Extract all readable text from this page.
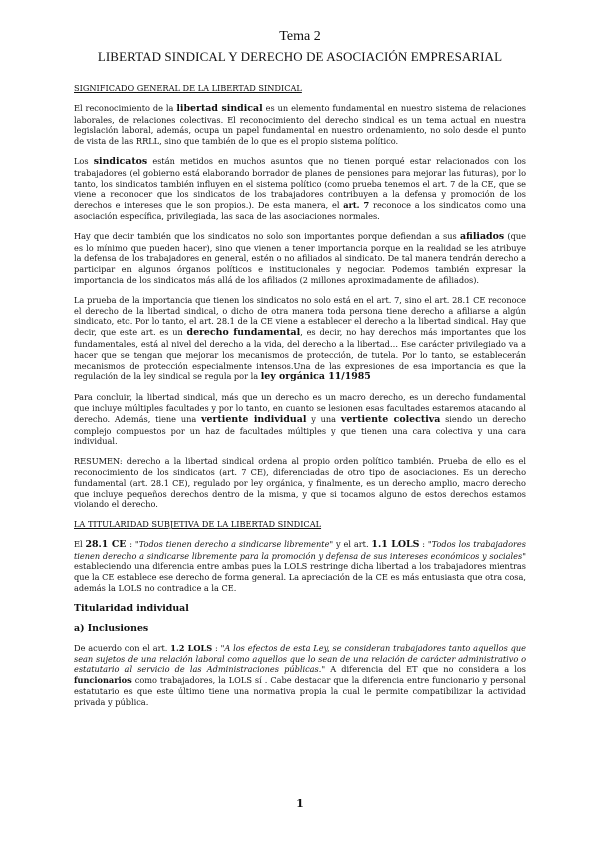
Tema 2
LIBERTAD SINDICAL Y DERECHO DE ASOCIACIÓN EMPRESARIAL

SIGNIFICADO GENERAL DE LA LIBERTAD SINDICAL

El reconocimiento de la libertad sindical es un elemento fundamental en nuestro sistema de relaciones laborales, de relaciones colectivas. El reconocimiento del derecho sindical es un tema actual en nuestra legislación laboral, además, ocupa un papel fundamental en nuestro ordenamiento, no solo desde el punto de vista de las RRLL, sino que también de lo que es el propio sistema político.

Los sindicatos están metidos en muchos asuntos que no tienen porqué estar relacionados con los trabajadores (el gobierno está elaborando borrador de planes de pensiones para mejorar las futuras), por lo tanto, los sindicatos también influyen en el sistema político (como prueba tenemos el art. 7 de la CE, que se viene a reconocer que los sindicatos de los trabajadores contribuyen a la defensa y promoción de los derechos e intereses que le son propios.). De esta manera, el art. 7 reconoce a los sindicatos como una asociación específica, privilegiada, las saca de las asociaciones normales.

Hay que decir también que los sindicatos no solo son importantes porque defiendan a sus afiliados (que es lo mínimo que pueden hacer), sino que vienen a tener importancia porque en la realidad se les atribuye la defensa de los trabajadores en general, estén o no afiliados al sindicato. De tal manera tendrán derecho a participar en algunos órganos políticos e institucionales y negociar. Podemos también expresar la importancia de los sindicatos más allá de los afiliados (2 millones aproximadamente de afiliados).

La prueba de la importancia que tienen los sindicatos no solo está en el art. 7, sino el art. 28.1 CE reconoce el derecho de la libertad sindical, o dicho de otra manera toda persona tiene derecho a afiliarse a algún sindicato, etc. Por lo tanto, el art. 28.1 de la CE viene a establecer el derecho a la libertad sindical. Hay que decir, que este art. es un derecho fundamental, es decir, no hay derechos más importantes que los fundamentales, está al nivel del derecho a la vida, del derecho a la libertad… Ese carácter privilegiado va a hacer que se tengan que mejorar los mecanismos de protección, de tutela. Por lo tanto, se establecerán mecanismos de protección especialmente intensos.Una de las expresiones de esa importancia es que la regulación de la ley sindical se regula por la ley orgánica 11/1985

Para concluir, la libertad sindical, más que un derecho es un macro derecho, es un derecho fundamental que incluye múltiples facultades y por lo tanto, en cuanto se lesionen esas facultades estaremos atacando al derecho. Además, tiene una vertiente individual y una vertiente colectiva siendo un derecho complejo compuestos por un haz de facultades múltiples y que tienen una cara colectiva y una cara individual.

RESUMEN: derecho a la libertad sindical ordena al propio orden político también. Prueba de ello es el reconocimiento de los sindicatos (art. 7 CE), diferenciadas de otro tipo de asociaciones. Es un derecho fundamental (art. 28.1 CE), regulado por ley orgánica, y finalmente, es un derecho amplio, macro derecho que incluye pequeños derechos dentro de la misma, y que si tocamos alguno de estos derechos estamos violando el derecho.

LA TITULARIDAD SUBJETIVA DE LA LIBERTAD SINDICAL

El 28.1 CE : "Todos tienen derecho a sindicarse libremente" y el art. 1.1 LOLS : "Todos los trabajadores tienen derecho a sindicarse libremente para la promoción y defensa de sus intereses económicos y sociales" estableciendo una diferencia entre ambas pues la LOLS restringe dicha libertad a los trabajadores mientras que la CE establece ese derecho de forma general. La apreciación de la CE es más entusiasta que otra cosa, además la LOLS no contradice a la CE.

Titularidad individual

a) Inclusiones

De acuerdo con el art. 1.2 LOLS : "A los efectos de esta Ley, se consideran trabajadores tanto aquellos que sean sujetos de una relación laboral como aquellos que lo sean de una relación de carácter administrativo o estatutario al servicio de las Administraciones públicas." A diferencia del ET que no considera a los funcionarios como trabajadores, la LOLS sí . Cabe destacar que la diferencia entre funcionario y personal estatutario es que este último tiene una normativa propia la cual le permite compatibilizar la actividad privada y pública.

1
